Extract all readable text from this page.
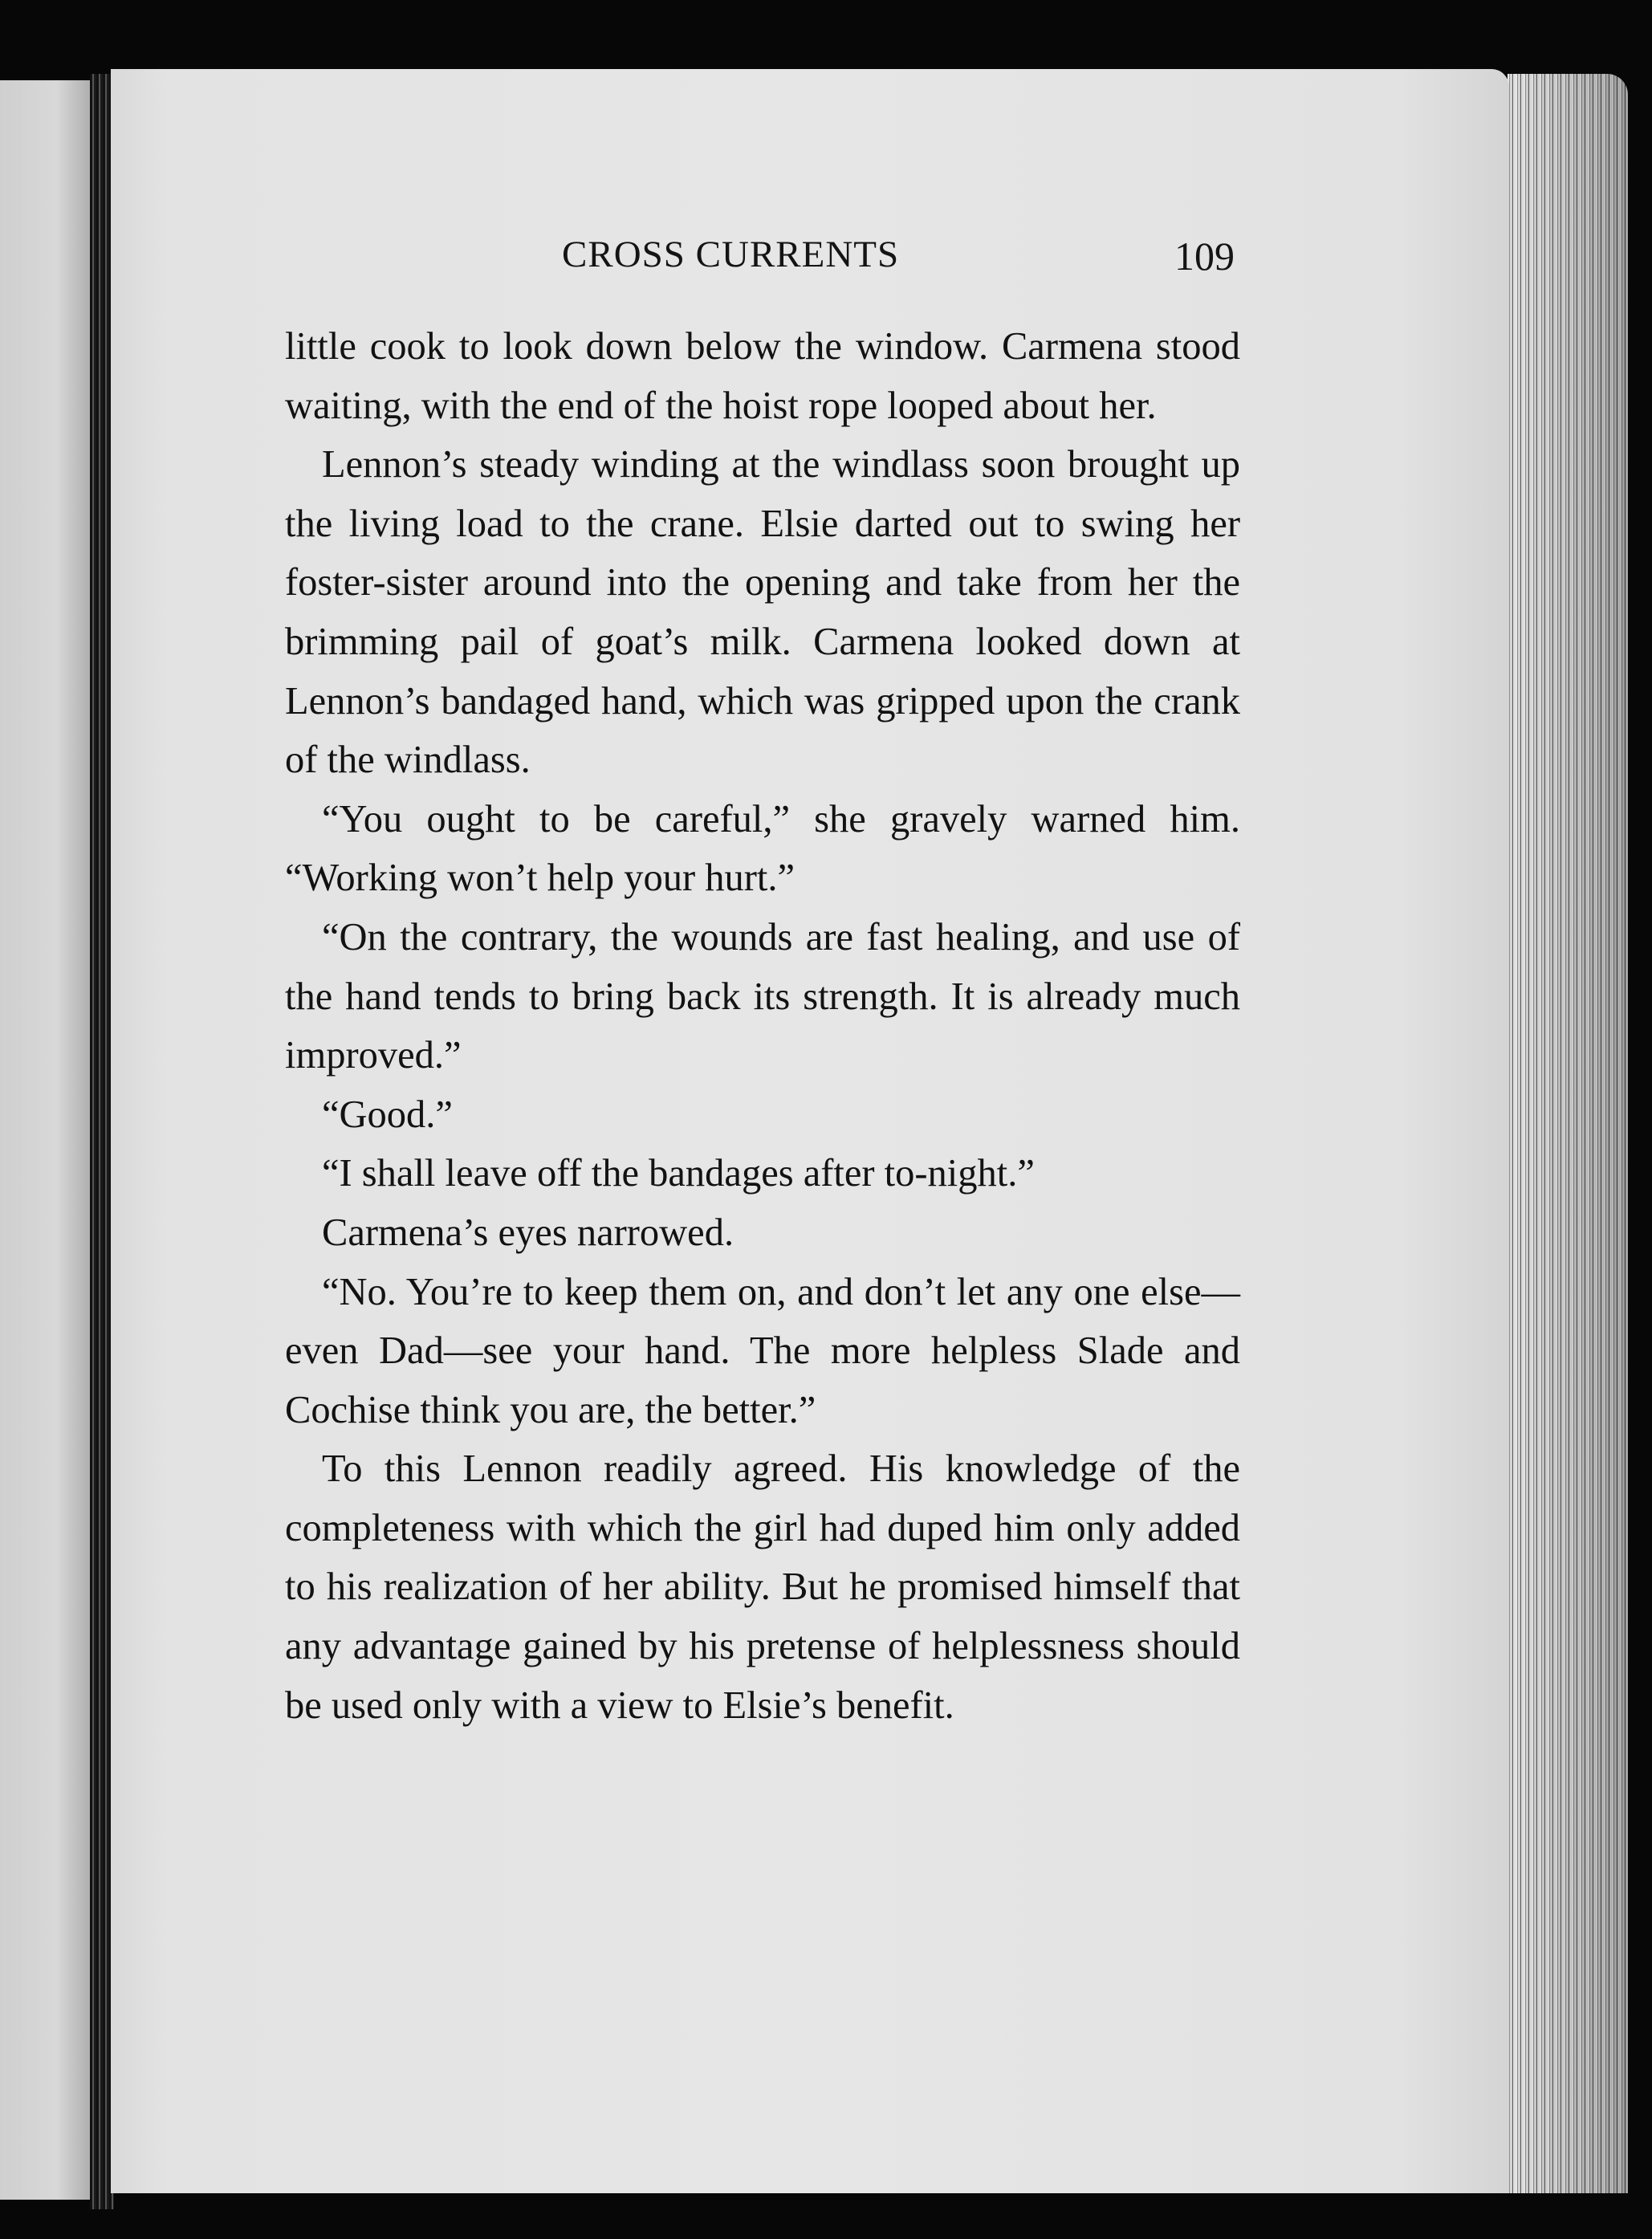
CROSS CURRENTS	109

little cook to look down below the window. Carmena stood waiting, with the end of the hoist rope looped about her.

Lennon’s steady winding at the windlass soon brought up the living load to the crane. Elsie darted out to swing her foster-sister around into the opening and take from her the brimming pail of goat’s milk. Carmena looked down at Lennon’s bandaged hand, which was gripped upon the crank of the windlass.

“You ought to be careful,” she gravely warned him. “Working won’t help your hurt.”

“On the contrary, the wounds are fast healing, and use of the hand tends to bring back its strength. It is already much improved.”

“Good.”

“I shall leave off the bandages after to-night.”

Carmena’s eyes narrowed.

“No. You’re to keep them on, and don’t let any one else—even Dad—see your hand. The more helpless Slade and Cochise think you are, the better.”

To this Lennon readily agreed. His knowledge of the completeness with which the girl had duped him only added to his realization of her ability. But he promised himself that any advantage gained by his pretense of helplessness should be used only with a view to Elsie’s benefit.
